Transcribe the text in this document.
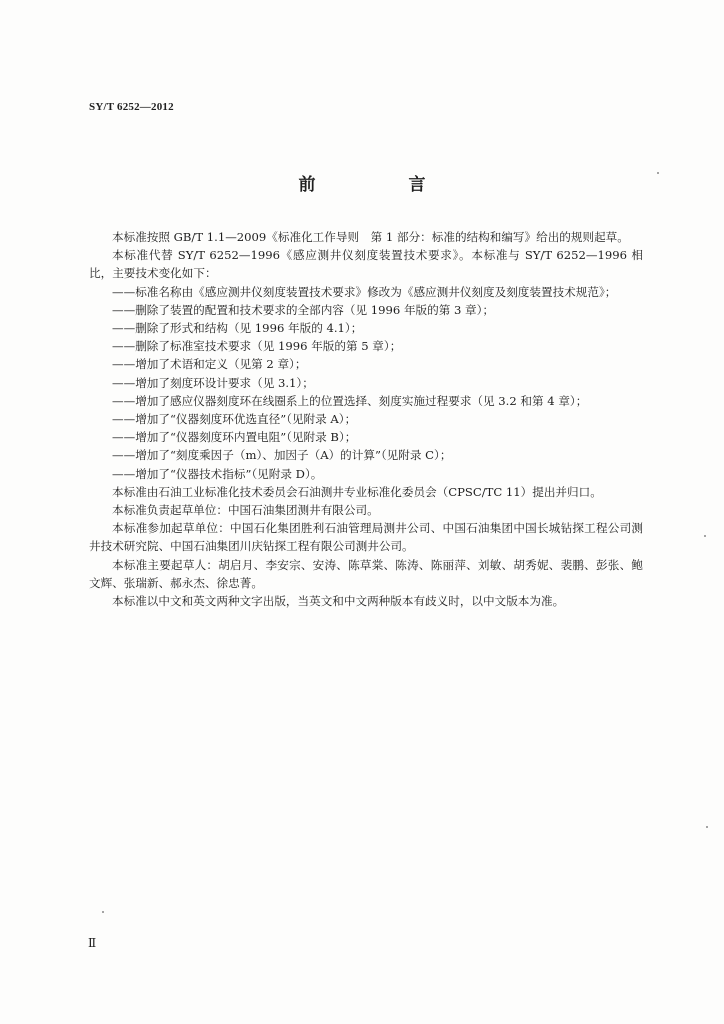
SY/T 6252—2012
前　言

本标准按照 GB/T 1.1—2009《标准化工作导则　第 1 部分：标准的结构和编写》给出的规则起草。

本标准代替 SY/T 6252—1996《感应测井仪刻度装置技术要求》。本标准与 SY/T 6252—1996 相比，主要技术变化如下：

——标准名称由《感应测井仪刻度装置技术要求》修改为《感应测井仪刻度及刻度装置技术规范》；

——删除了装置的配置和技术要求的全部内容（见 1996 年版的第 3 章）；

——删除了形式和结构（见 1996 年版的 4.1）；

——删除了标准室技术要求（见 1996 年版的第 5 章）；

——增加了术语和定义（见第 2 章）；

——增加了刻度环设计要求（见 3.1）；

——增加了感应仪器刻度环在线圈系上的位置选择、刻度实施过程要求（见 3.2 和第 4 章）；

——增加了“仪器刻度环优选直径”（见附录 A）；

——增加了“仪器刻度环内置电阻”（见附录 B）；

——增加了“刻度乘因子（m）、加因子（A）的计算”（见附录 C）；

——增加了“仪器技术指标”（见附录 D）。

本标准由石油工业标准化技术委员会石油测井专业标准化委员会（CPSC/TC 11）提出并归口。

本标准负责起草单位：中国石油集团测井有限公司。

本标准参加起草单位：中国石化集团胜利石油管理局测井公司、中国石油集团中国长城钻探工程公司测井技术研究院、中国石油集团川庆钻探工程有限公司测井公司。

本标准主要起草人：胡启月、李安宗、安涛、陈草棠、陈涛、陈丽萍、刘敏、胡秀妮、裴鹏、彭张、鲍文辉、张瑞新、郝永杰、徐忠菁。

本标准以中文和英文两种文字出版，当英文和中文两种版本有歧义时，以中文版本为准。

Ⅱ
